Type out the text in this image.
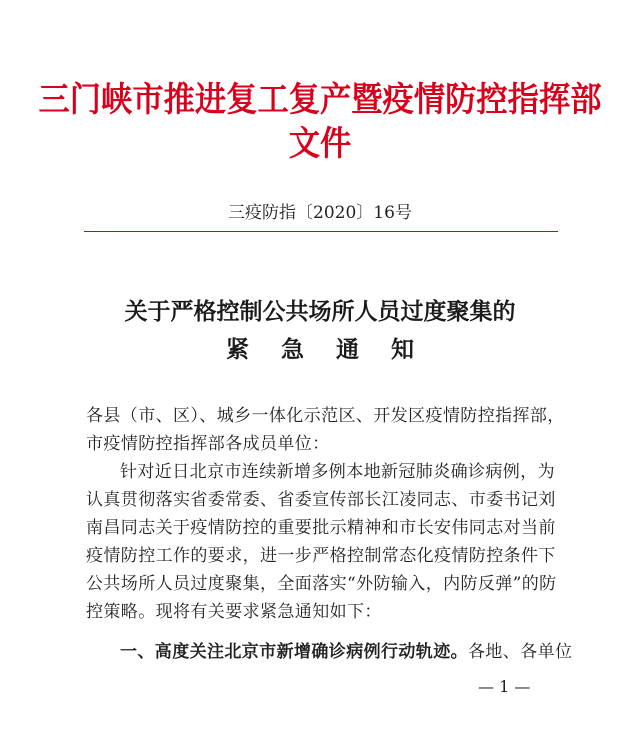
三门峡市推进复工复产暨疫情防控指挥部文件
三疫防指〔2020〕16号
关于严格控制公共场所人员过度聚集的
紧急通知

各县（市、区）、城乡一体化示范区、开发区疫情防控指挥部，

市疫情防控指挥部各成员单位：

针对近日北京市连续新增多例本地新冠肺炎确诊病例，为认真贯彻落实省委常委、省委宣传部长江凌同志、市委书记刘南昌同志关于疫情防控的重要批示精神和市长安伟同志对当前疫情防控工作的要求，进一步严格控制常态化疫情防控条件下公共场所人员过度聚集，全面落实“外防输入，内防反弹”的防控策略。现将有关要求紧急通知如下：

一、高度关注北京市新增确诊病例行动轨迹。各地、各单位
— 1 —
